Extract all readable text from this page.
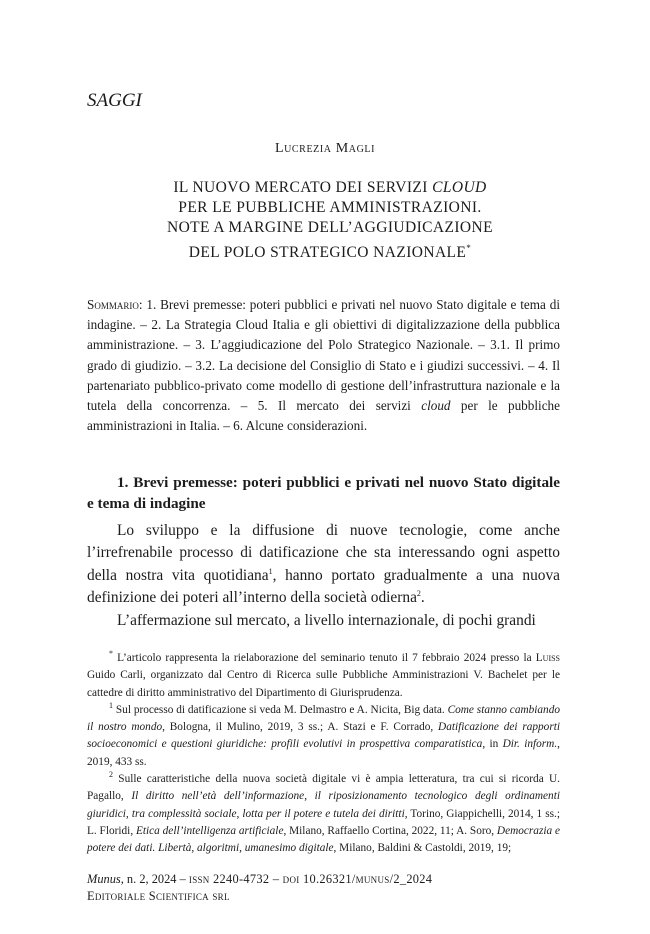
SAGGI
Lucrezia Magli
IL NUOVO MERCATO DEI SERVIZI CLOUD
PER LE PUBBLICHE AMMINISTRAZIONI.
NOTE A MARGINE DELL’AGGIUDICAZIONE
DEL POLO STRATEGICO NAZIONALE*
Sommario: 1. Brevi premesse: poteri pubblici e privati nel nuovo Stato digitale e tema di indagine. – 2. La Strategia Cloud Italia e gli obiettivi di digitalizzazione della pubblica amministrazione. – 3. L’aggiudicazione del Polo Strategico Nazionale. – 3.1. Il primo grado di giudizio. – 3.2. La decisione del Consiglio di Stato e i giudizi successivi. – 4. Il partenariato pubblico-privato come modello di gestione dell’infrastruttura nazionale e la tutela della concorrenza. – 5. Il mercato dei servizi cloud per le pubbliche amministrazioni in Italia. – 6. Alcune considerazioni.
1. Brevi premesse: poteri pubblici e privati nel nuovo Stato digitale e tema di indagine

Lo sviluppo e la diffusione di nuove tecnologie, come anche l’irrefrenabile processo di datificazione che sta interessando ogni aspetto della nostra vita quotidiana$^1$, hanno portato gradualmente a una nuova definizione dei poteri all’interno della società odierna$^2$.

L’affermazione sul mercato, a livello internazionale, di pochi grandi

* L’articolo rappresenta la rielaborazione del seminario tenuto il 7 febbraio 2024 presso la Luiss Guido Carli, organizzato dal Centro di Ricerca sulle Pubbliche Amministrazioni V. Bachelet per le cattedre di diritto amministrativo del Dipartimento di Giurisprudenza.

$^1$ Sul processo di datificazione si veda M. Delmastro e A. Nicita, Big data. Come stanno cambiando il nostro mondo, Bologna, il Mulino, 2019, 3 ss.; A. Stazi e F. Corrado, Datificazione dei rapporti socioeconomici e questioni giuridiche: profili evolutivi in prospettiva comparatistica, in Dir. inform., 2019, 433 ss.

$^2$ Sulle caratteristiche della nuova società digitale vi è ampia letteratura, tra cui si ricorda U. Pagallo, Il diritto nell’età dell’informazione, il riposizionamento tecnologico degli ordinamenti giuridici, tra complessità sociale, lotta per il potere e tutela dei diritti, Torino, Giappichelli, 2014, 1 ss.; L. Floridi, Etica dell’intelligenza artificiale, Milano, Raffaello Cortina, 2022, 11; A. Soro, Democrazia e potere dei dati. Libertà, algoritmi, umanesimo digitale, Milano, Baldini & Castoldi, 2019, 19;

Munus, n. 2, 2024 – issn 2240-4732 – doi 10.26321/munus/2_2024
Editoriale Scientifica srl
